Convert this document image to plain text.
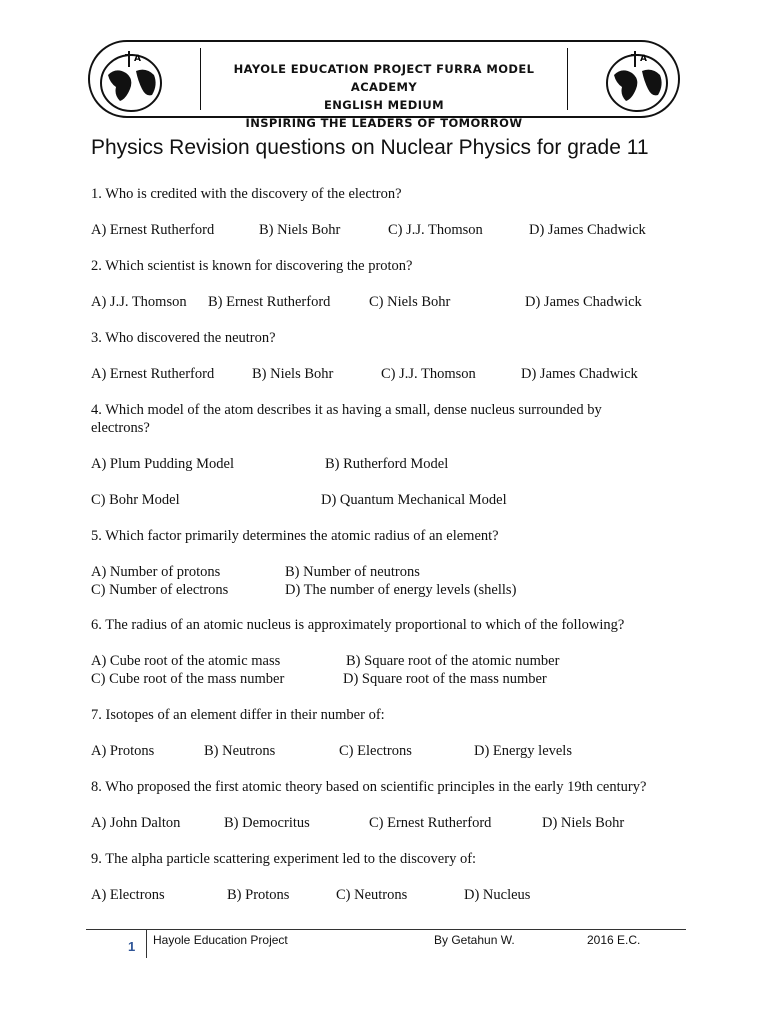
A
HAYOLE EDUCATION PROJECT FURRA MODEL ACADEMY
ENGLISH MEDIUM
INSPIRING THE LEADERS OF TOMORROW
A
Physics Revision questions on Nuclear Physics for grade 11
1. Who is credited with the discovery of the electron?
A) Ernest Rutherford	B) Niels Bohr	C) J.J. Thomson	D) James Chadwick
2. Which scientist is known for discovering the proton?
A) J.J. Thomson B) Ernest Rutherford	C) Niels Bohr	D) James Chadwick
3. Who discovered the neutron?
A) Ernest Rutherford	B) Niels Bohr	C) J.J. Thomson	D) James Chadwick
4. Which model of the atom describes it as having a small, dense nucleus surrounded by
electrons?
A) Plum Pudding Model	B) Rutherford Model
C) Bohr Model	D) Quantum Mechanical Model
5. Which factor primarily determines the atomic radius of an element?
A) Number of protons	B) Number of neutrons
C) Number of electrons	D) The number of energy levels (shells)
6. The radius of an atomic nucleus is approximately proportional to which of the following?
A) Cube root of the atomic mass	B) Square root of the atomic number
C) Cube root of the mass number	D) Square root of the mass number
7. Isotopes of an element differ in their number of:
A) Protons	B) Neutrons	C) Electrons	D) Energy levels
8. Who proposed the first atomic theory based on scientific principles in the early 19th century?
A) John Dalton	B) Democritus	C) Ernest Rutherford	D) Niels Bohr
9. The alpha particle scattering experiment led to the discovery of:
A) Electrons	B) Protons	C) Neutrons	D) Nucleus
1 Hayole Education Project	By Getahun W.	2016 E.C.
